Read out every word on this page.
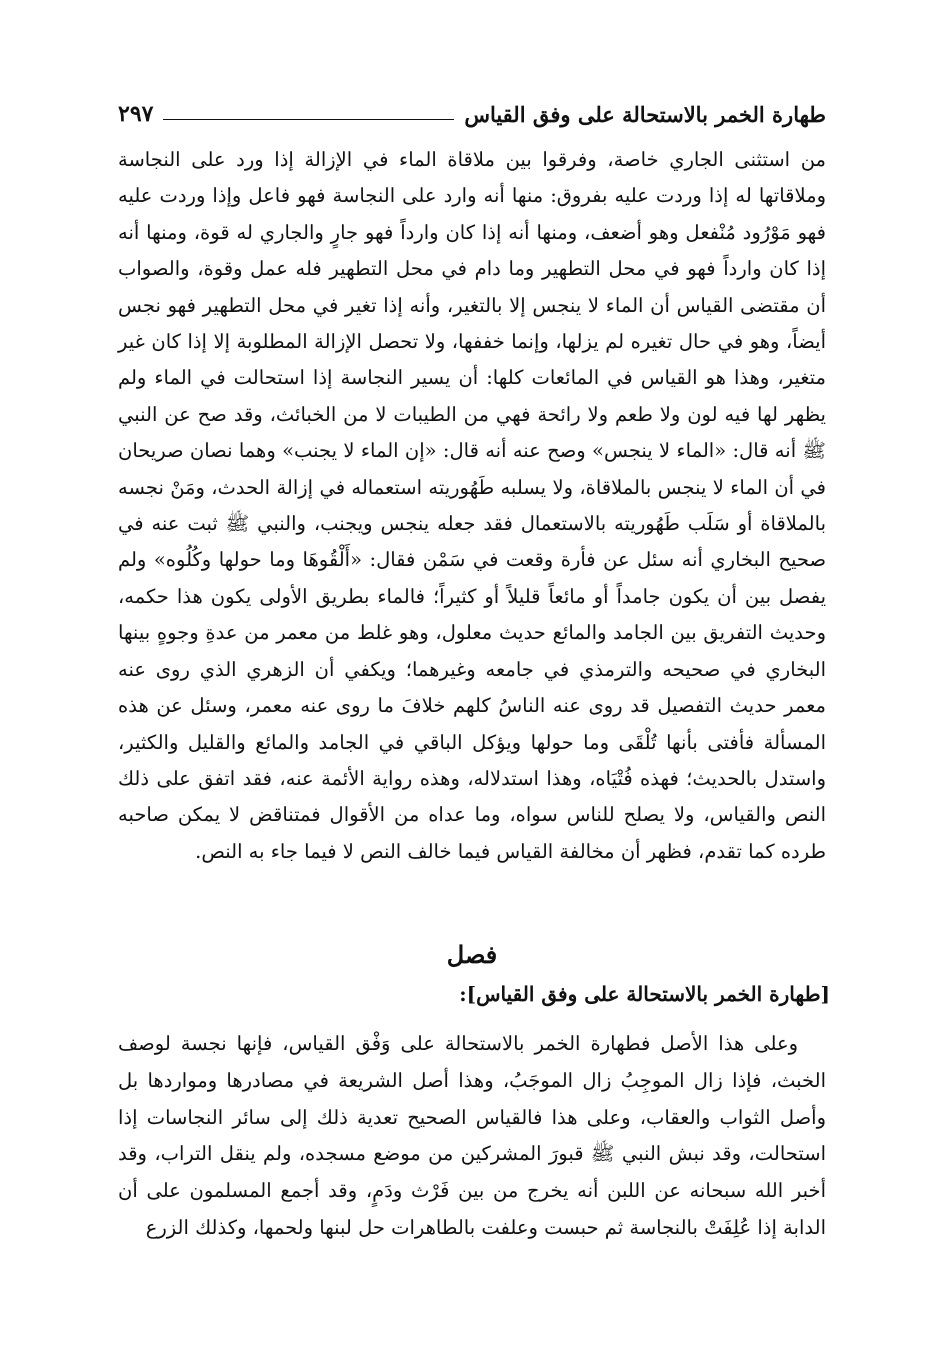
طهارة الخمر بالاستحالة على وفق القياس
٢٩٧

من استثنى الجاري خاصة، وفرقوا بين ملاقاة الماء في الإزالة إذا ورد على النجاسة وملاقاتها له إذا وردت عليه بفروق: منها أنه وارد على النجاسة فهو فاعل وإذا وردت عليه فهو مَوْرُود مُنْفعل وهو أضعف، ومنها أنه إذا كان وارداً فهو جارٍ والجاري له قوة، ومنها أنه إذا كان وارداً فهو في محل التطهير وما دام في محل التطهير فله عمل وقوة، والصواب أن مقتضى القياس أن الماء لا ينجس إلا بالتغير، وأنه إذا تغير في محل التطهير فهو نجس أيضاً، وهو في حال تغيره لم يزلها، وإنما خففها، ولا تحصل الإزالة المطلوبة إلا إذا كان غير متغير، وهذا هو القياس في المائعات كلها: أن يسير النجاسة إذا استحالت في الماء ولم يظهر لها فيه لون ولا طعم ولا رائحة فهي من الطيبات لا من الخبائث، وقد صح عن النبي ﷺ أنه قال: «الماء لا ينجس» وصح عنه أنه قال: «إن الماء لا يجنب» وهما نصان صريحان في أن الماء لا ينجس بالملاقاة، ولا يسلبه طَهُوريته استعماله في إزالة الحدث، ومَنْ نجسه بالملاقاة أو سَلَب طَهُوريته بالاستعمال فقد جعله ينجس ويجنب، والنبي ﷺ ثبت عنه في صحيح البخاري أنه سئل عن فأرة وقعت في سَمْن فقال: «أَلْقُوهَا وما حولها وكُلُوه» ولم يفصل بين أن يكون جامداً أو مائعاً قليلاً أو كثيراً؛ فالماء بطريق الأولى يكون هذا حكمه، وحديث التفريق بين الجامد والمائع حديث معلول، وهو غلط من معمر من عدةِ وجوهٍ بينها البخاري في صحيحه والترمذي في جامعه وغيرهما؛ ويكفي أن الزهري الذي روى عنه معمر حديث التفصيل قد روى عنه الناسُ كلهم خلافَ ما روى عنه معمر، وسئل عن هذه المسألة فأفتى بأنها تُلْقَى وما حولها ويؤكل الباقي في الجامد والمائع والقليل والكثير، واستدل بالحديث؛ فهذه فُتْيَاه، وهذا استدلاله، وهذه رواية الأئمة عنه، فقد اتفق على ذلك النص والقياس، ولا يصلح للناس سواه، وما عداه من الأقوال فمتناقض لا يمكن صاحبه طرده كما تقدم، فظهر أن مخالفة القياس فيما خالف النص لا فيما جاء به النص.

فصل
[طهارة الخمر بالاستحالة على وفق القياس]:

وعلى هذا الأصل فطهارة الخمر بالاستحالة على وَفْق القياس، فإنها نجسة لوصف الخبث، فإذا زال الموجِبُ زال الموجَبُ، وهذا أصل الشريعة في مصادرها ومواردها بل وأصل الثواب والعقاب، وعلى هذا فالقياس الصحيح تعدية ذلك إلى سائر النجاسات إذا استحالت، وقد نبش النبي ﷺ قبورَ المشركين من موضع مسجده، ولم ينقل التراب، وقد أخبر الله سبحانه عن اللبن أنه يخرج من بين فَرْث ودَمٍ، وقد أجمع المسلمون على أن الدابة إذا عُلِفَتْ بالنجاسة ثم حبست وعلفت بالطاهرات حل لبنها ولحمها، وكذلك الزرع
